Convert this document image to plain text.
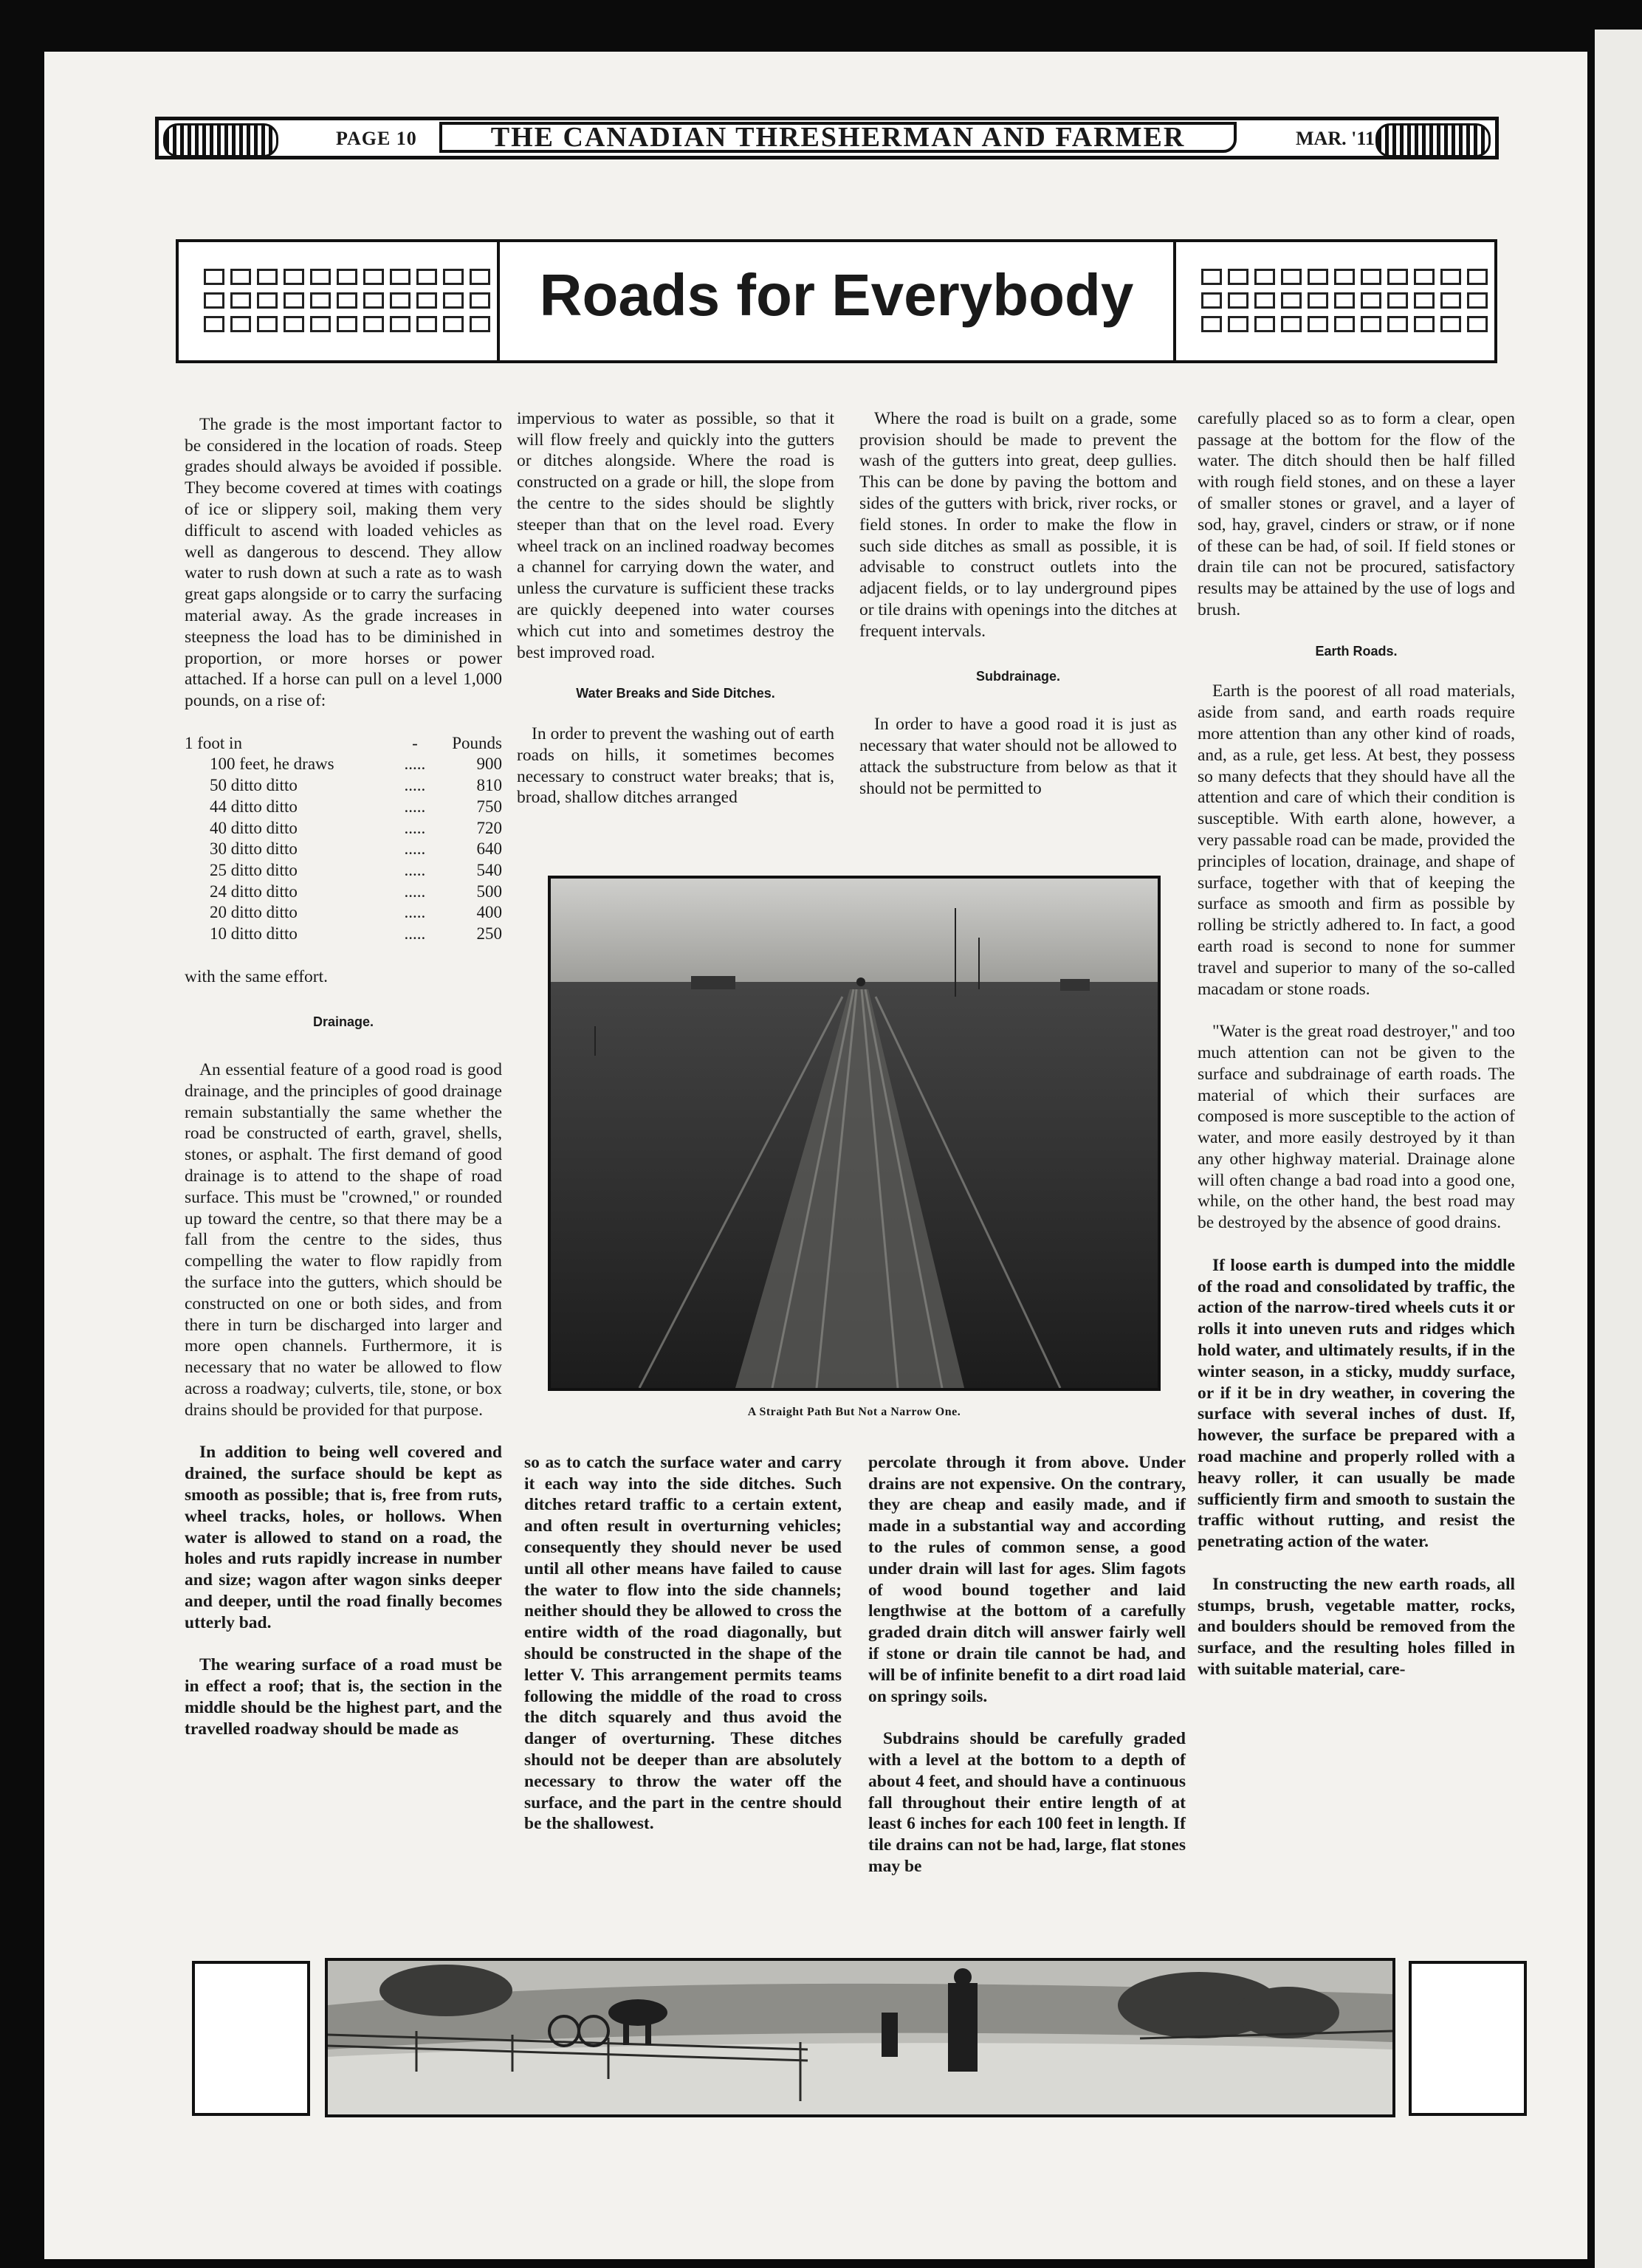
PAGE 10	THE CANADIAN THRESHERMAN AND FARMER	MAR. '11
Roads for Everybody

The grade is the most important factor to be considered in the location of roads. Steep grades should always be avoided if possible. They become covered at times with coatings of ice or slippery soil, making them very difficult to ascend with loaded vehicles as well as dangerous to descend. They allow water to rush down at such a rate as to wash great gaps alongside or to carry the surfacing material away. As the grade increases in steepness the load has to be diminished in proportion, or more horses or power attached. If a horse can pull on a level 1,000 pounds, on a rise of:

1 foot in	-	Pounds
100 feet, he draws	.....	900
50 ditto ditto	.....	810
44 ditto ditto	.....	750
40 ditto ditto	.....	720
30 ditto ditto	.....	640
25 ditto ditto	.....	540
24 ditto ditto	.....	500
20 ditto ditto	.....	400
10 ditto ditto	.....	250

with the same effort.

Drainage.

An essential feature of a good road is good drainage, and the principles of good drainage remain substantially the same whether the road be constructed of earth, gravel, shells, stones, or asphalt. The first demand of good drainage is to attend to the shape of road surface. This must be "crowned," or rounded up toward the centre, so that there may be a fall from the centre to the sides, thus compelling the water to flow rapidly from the surface into the gutters, which should be constructed on one or both sides, and from there in turn be discharged into larger and more open channels. Furthermore, it is necessary that no water be allowed to flow across a roadway; culverts, tile, stone, or box drains should be provided for that purpose.

In addition to being well covered and drained, the surface should be kept as smooth as possible; that is, free from ruts, wheel tracks, holes, or hollows. When water is allowed to stand on a road, the holes and ruts rapidly increase in number and size; wagon after wagon sinks deeper and deeper, until the road finally becomes utterly bad.

The wearing surface of a road must be in effect a roof; that is, the section in the middle should be the highest part, and the travelled roadway should be made as

impervious to water as possible, so that it will flow freely and quickly into the gutters or ditches alongside. Where the road is constructed on a grade or hill, the slope from the centre to the sides should be slightly steeper than that on the level road. Every wheel track on an inclined roadway becomes a channel for carrying down the water, and unless the curvature is sufficient these tracks are quickly deepened into water courses which cut into and sometimes destroy the best improved road.

Water Breaks and Side Ditches.

In order to prevent the washing out of earth roads on hills, it sometimes becomes necessary to construct water breaks; that is, broad, shallow ditches arranged

Where the road is built on a grade, some provision should be made to prevent the wash of the gutters into great, deep gullies. This can be done by paving the bottom and sides of the gutters with brick, river rocks, or field stones. In order to make the flow in such side ditches as small as possible, it is advisable to construct outlets into the adjacent fields, or to lay underground pipes or tile drains with openings into the ditches at frequent intervals.

Subdrainage.

In order to have a good road it is just as necessary that water should not be allowed to attack the substructure from below as that it should not be permitted to

A Straight Path But Not a Narrow One.

so as to catch the surface water and carry it each way into the side ditches. Such ditches retard traffic to a certain extent, and often result in overturning vehicles; consequently they should never be used until all other means have failed to cause the water to flow into the side channels; neither should they be allowed to cross the entire width of the road diagonally, but should be constructed in the shape of the letter V. This arrangement permits teams following the middle of the road to cross the ditch squarely and thus avoid the danger of overturning. These ditches should not be deeper than are absolutely necessary to throw the water off the surface, and the part in the centre should be the shallowest.

percolate through it from above. Under drains are not expensive. On the contrary, they are cheap and easily made, and if made in a substantial way and according to the rules of common sense, a good under drain will last for ages. Slim fagots of wood bound together and laid lengthwise at the bottom of a carefully graded drain ditch will answer fairly well if stone or drain tile cannot be had, and will be of infinite benefit to a dirt road laid on springy soils.

Subdrains should be carefully graded with a level at the bottom to a depth of about 4 feet, and should have a continuous fall throughout their entire length of at least 6 inches for each 100 feet in length. If tile drains can not be had, large, flat stones may be

carefully placed so as to form a clear, open passage at the bottom for the flow of the water. The ditch should then be half filled with rough field stones, and on these a layer of smaller stones or gravel, and a layer of sod, hay, gravel, cinders or straw, or if none of these can be had, of soil. If field stones or drain tile can not be procured, satisfactory results may be attained by the use of logs and brush.

Earth Roads.

Earth is the poorest of all road materials, aside from sand, and earth roads require more attention than any other kind of roads, and, as a rule, get less. At best, they possess so many defects that they should have all the attention and care of which their condition is susceptible. With earth alone, however, a very passable road can be made, provided the principles of location, drainage, and shape of surface, together with that of keeping the surface as smooth and firm as possible by rolling be strictly adhered to. In fact, a good earth road is second to none for summer travel and superior to many of the so-called macadam or stone roads.

"Water is the great road destroyer," and too much attention can not be given to the surface and subdrainage of earth roads. The material of which their surfaces are composed is more susceptible to the action of water, and more easily destroyed by it than any other highway material. Drainage alone will often change a bad road into a good one, while, on the other hand, the best road may be destroyed by the absence of good drains.

If loose earth is dumped into the middle of the road and consolidated by traffic, the action of the narrow-tired wheels cuts it or rolls it into uneven ruts and ridges which hold water, and ultimately results, if in the winter season, in a sticky, muddy surface, or if it be in dry weather, in covering the surface with several inches of dust. If, however, the surface be prepared with a road machine and properly rolled with a heavy roller, it can usually be made sufficiently firm and smooth to sustain the traffic without rutting, and resist the penetrating action of the water.

In constructing the new earth roads, all stumps, brush, vegetable matter, rocks, and boulders should be removed from the surface, and the resulting holes filled in with suitable material, care-
